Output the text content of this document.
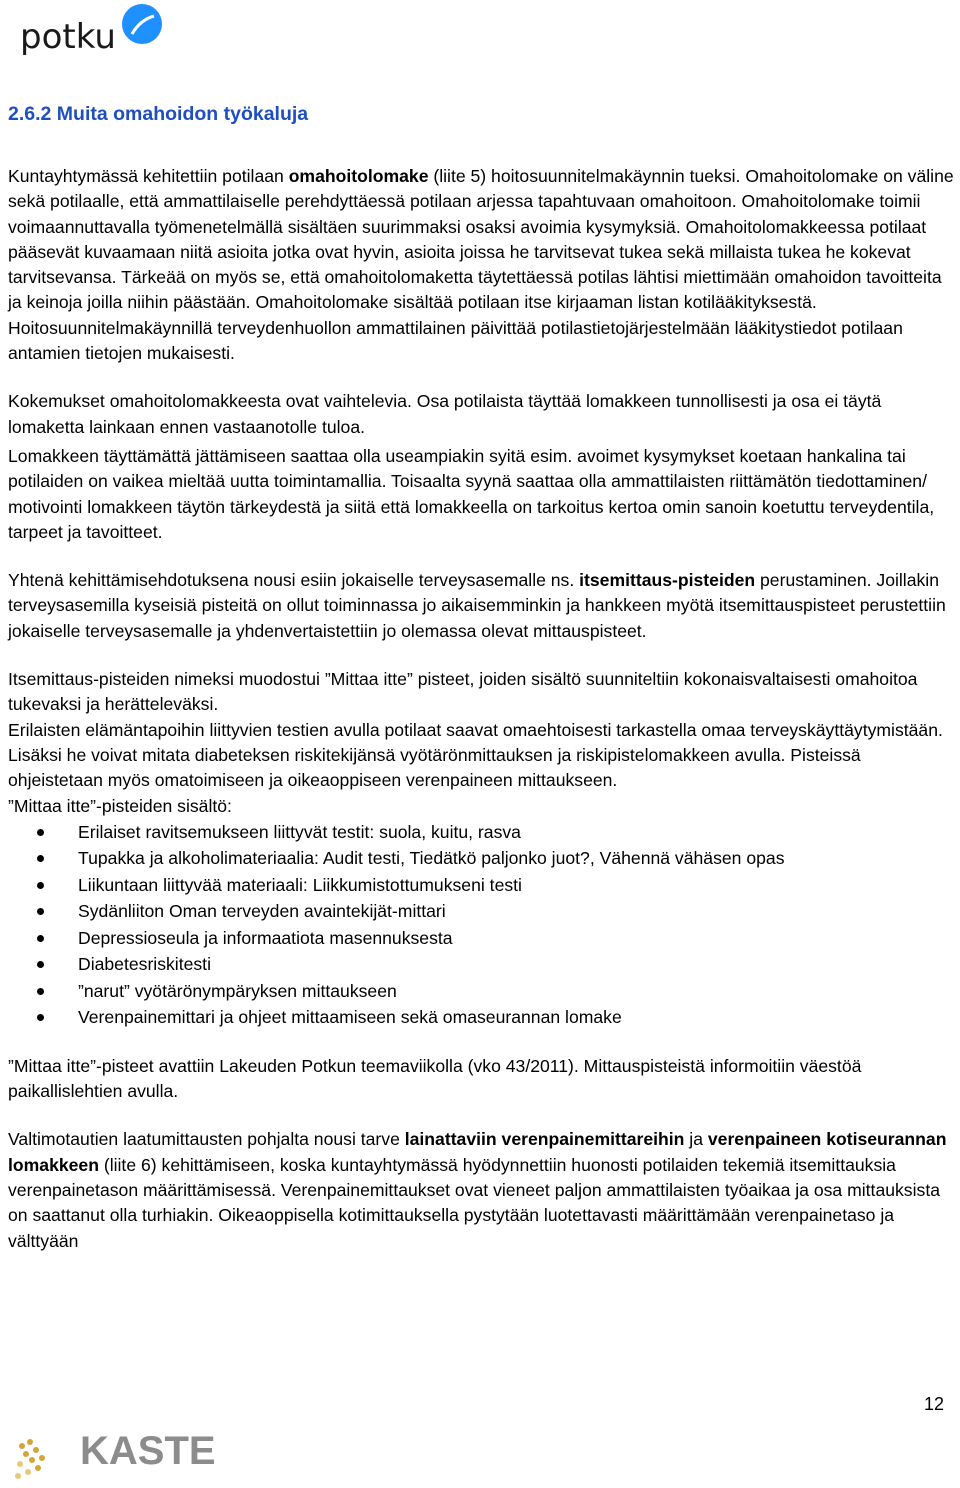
potku
2.6.2 Muita omahoidon työkaluja

Kuntayhtymässä kehitettiin potilaan omahoitolomake (liite 5) hoitosuunnitelmakäynnin tueksi. Omahoitolomake on väline sekä potilaalle, että ammattilaiselle perehdyttäessä potilaan arjessa tapahtuvaan omahoitoon. Omahoitolomake toimii voimaannuttavalla työmenetelmällä sisältäen suurimmaksi osaksi avoimia kysymyksiä. Omahoitolomakkeessa potilaat pääsevät kuvaamaan niitä asioita jotka ovat hyvin, asioita joissa he tarvitsevat tukea sekä millaista tukea he kokevat tarvitsevansa. Tärkeää on myös se, että omahoitolomaketta täytettäessä potilas lähtisi miettimään omahoidon tavoitteita ja keinoja joilla niihin päästään. Omahoitolomake sisältää potilaan itse kirjaaman listan kotilääkityksestä. Hoitosuunnitelmakäynnillä terveydenhuollon ammattilainen päivittää potilastietojärjestelmään lääkitystiedot potilaan antamien tietojen mukaisesti.

Kokemukset omahoitolomakkeesta ovat vaihtelevia. Osa potilaista täyttää lomakkeen tunnollisesti ja osa ei täytä lomaketta lainkaan ennen vastaanotolle tuloa.

Lomakkeen täyttämättä jättämiseen saattaa olla useampiakin syitä esim. avoimet kysymykset koetaan hankalina tai potilaiden on vaikea mieltää uutta toimintamallia. Toisaalta syynä saattaa olla ammattilaisten riittämätön tiedottaminen/ motivointi lomakkeen täytön tärkeydestä ja siitä että lomakkeella on tarkoitus kertoa omin sanoin koetuttu terveydentila, tarpeet ja tavoitteet.

Yhtenä kehittämisehdotuksena nousi esiin jokaiselle terveysasemalle ns. itsemittaus-pisteiden perustaminen. Joillakin terveysasemilla kyseisiä pisteitä on ollut toiminnassa jo aikaisemminkin ja hankkeen myötä itsemittauspisteet perustettiin jokaiselle terveysasemalle ja yhdenvertaistettiin jo olemassa olevat mittauspisteet.

Itsemittaus-pisteiden nimeksi muodostui ”Mittaa itte” pisteet, joiden sisältö suunniteltiin kokonaisvaltaisesti omahoitoa tukevaksi ja herätteleväksi.

Erilaisten elämäntapoihin liittyvien testien avulla potilaat saavat omaehtoisesti tarkastella omaa terveyskäyttäytymistään. Lisäksi he voivat mitata diabeteksen riskitekijänsä vyötärönmittauksen ja riskipistelomakkeen avulla. Pisteissä ohjeistetaan myös omatoimiseen ja oikeaoppiseen verenpaineen mittaukseen.

”Mittaa itte”-pisteiden sisältö:

Erilaiset ravitsemukseen liittyvät testit: suola, kuitu, rasva
Tupakka ja alkoholimateriaalia: Audit testi, Tiedätkö paljonko juot?, Vähennä vähäsen opas
Liikuntaan liittyvää materiaali: Liikkumistottumukseni testi
Sydänliiton Oman terveyden avaintekijät-mittari
Depressioseula ja informaatiota masennuksesta
Diabetesriskitesti
”narut” vyötärönympäryksen mittaukseen
Verenpainemittari ja ohjeet mittaamiseen sekä omaseurannan lomake

”Mittaa itte”-pisteet avattiin Lakeuden Potkun teemaviikolla (vko 43/2011). Mittauspisteistä informoitiin väestöä paikallislehtien avulla.

Valtimotautien laatumittausten pohjalta nousi tarve lainattaviin verenpainemittareihin ja verenpaineen kotiseurannan lomakkeen (liite 6) kehittämiseen, koska kuntayhtymässä hyödynnettiin huonosti potilaiden tekemiä itsemittauksia verenpainetason määrittämisessä. Verenpainemittaukset ovat vieneet paljon ammattilaisten työaikaa ja osa mittauksista on saattanut olla turhiakin. Oikeaoppisella kotimittauksella pystytään luotettavasti määrittämään verenpainetaso ja välttyään

12
KASTE
